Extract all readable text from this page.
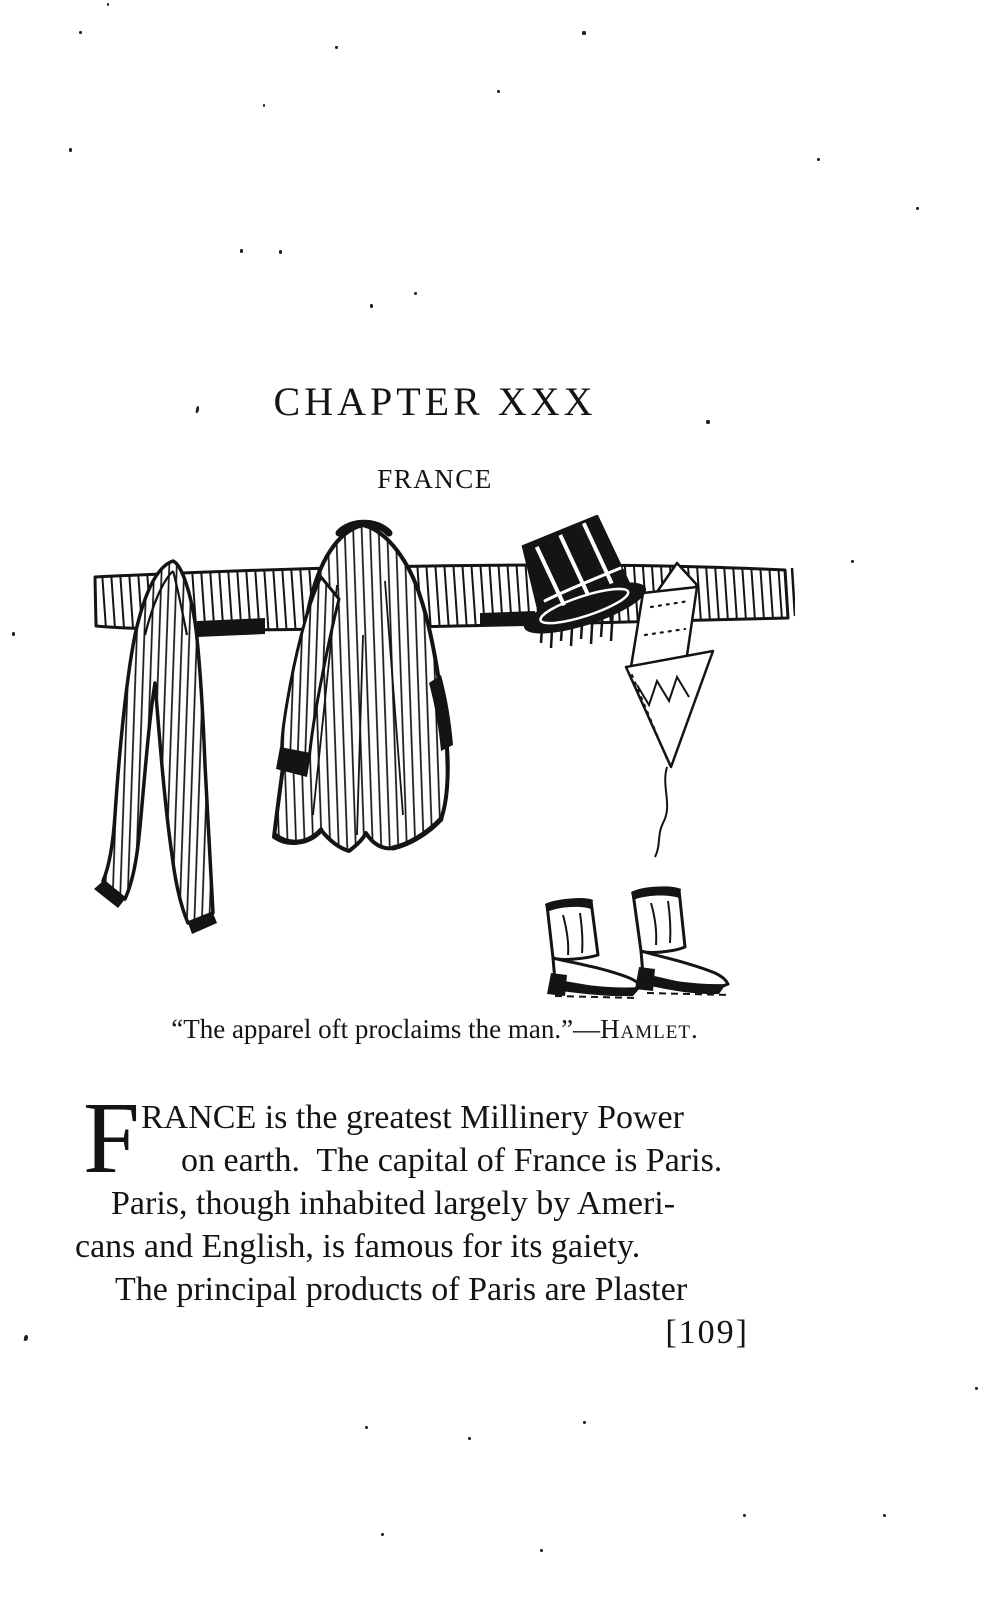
CHAPTER XXX
FRANCE
“The apparel oft proclaims the man.”—Hamlet.
F RANCE is the greatest Millinery Power
on earth.  The capital of France is Paris.
Paris, though inhabited largely by Ameri-
cans and English, is famous for its gaiety.
The principal products of Paris are Plaster
[109]
